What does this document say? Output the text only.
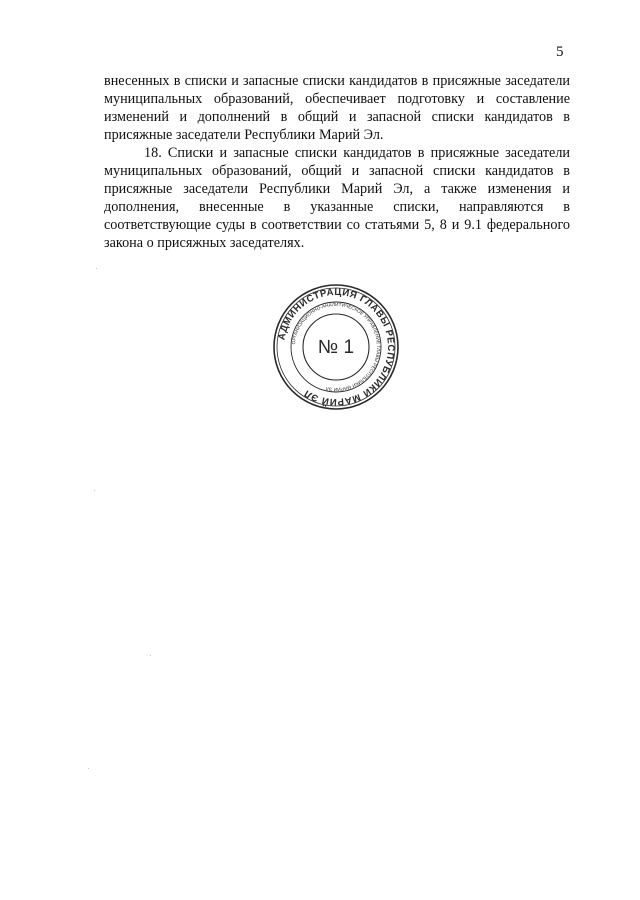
5

внесенных в списки и запасные списки кандидатов в присяжные заседатели муниципальных образований, обеспечивает подготовку и составление изменений и дополнений в общий и запасной списки кандидатов в присяжные заседатели Республики Марий Эл.

18. Списки и запасные списки кандидатов в присяжные заседатели муниципальных образований, общий и запасной списки кандидатов в присяжные заседатели Республики Марий Эл, а также изменения и дополнения, внесенные в указанные списки, направляются в соответствующие суды в соответствии со статьями 5, 8 и 9.1 федерального закона о присяжных заседателях.

АДМИНИСТРАЦИЯ ГЛАВЫ РЕСПУБЛИКИ МАРИЙ ЭЛ
ОРГАНИЗАЦИОННО-АНАЛИТИЧЕСКОЕ УПРАВЛЕНИЕ ГЛАВЫ РЕСПУБЛИКИ МАРИЙ ЭЛ
№ 1
